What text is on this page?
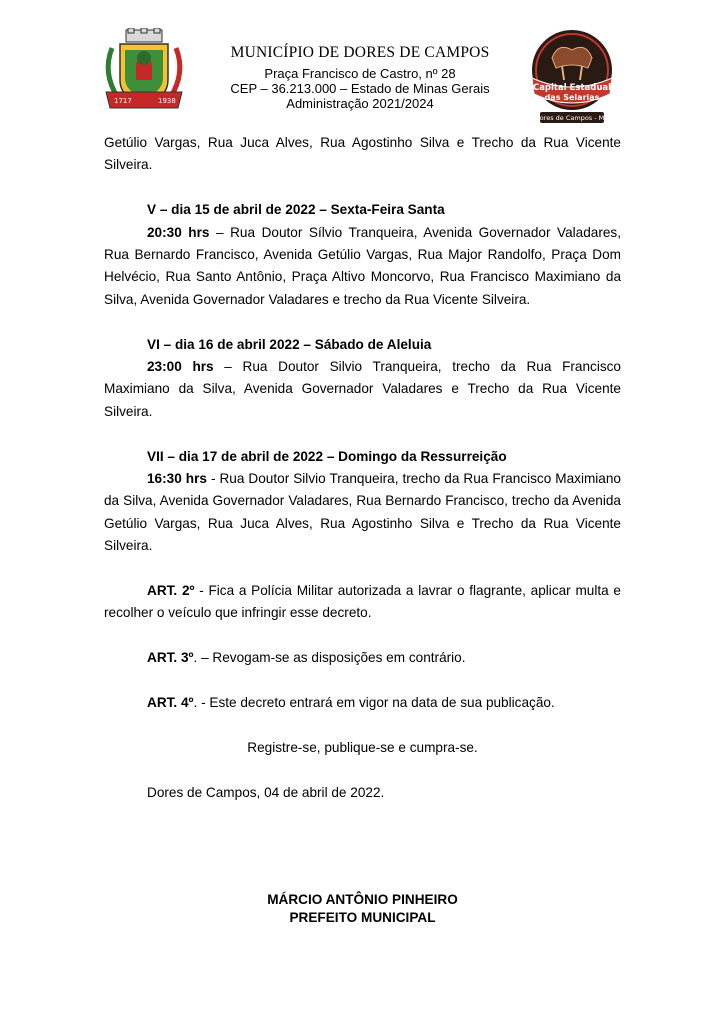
1717	1938
MUNICÍPIO DE DORES DE CAMPOS
Praça Francisco de Castro, nº 28
CEP – 36.213.000 – Estado de Minas Gerais
Administração 2021/2024
Capital Estadual
das Selarias
Dores de Campos - MG

Getúlio Vargas, Rua Juca Alves, Rua Agostinho Silva e Trecho da Rua Vicente Silveira.

V – dia 15 de abril de 2022 – Sexta-Feira Santa

20:30 hrs – Rua Doutor Sílvio Tranqueira, Avenida Governador Valadares, Rua Bernardo Francisco, Avenida Getúlio Vargas, Rua Major Randolfo, Praça Dom Helvécio, Rua Santo Antônio, Praça Altivo Moncorvo, Rua Francisco Maximiano da Silva, Avenida Governador Valadares e trecho da Rua Vicente Silveira.

VI – dia 16 de abril 2022 – Sábado de Aleluia

23:00 hrs – Rua Doutor Silvio Tranqueira, trecho da Rua Francisco Maximiano da Silva, Avenida Governador Valadares e Trecho da Rua Vicente Silveira.

VII – dia 17 de abril de 2022 – Domingo da Ressurreição

16:30 hrs - Rua Doutor Silvio Tranqueira, trecho da Rua Francisco Maximiano da Silva, Avenida Governador Valadares, Rua Bernardo Francisco, trecho da Avenida Getúlio Vargas, Rua Juca Alves, Rua Agostinho Silva e Trecho da Rua Vicente Silveira.

ART. 2º - Fica a Polícia Militar autorizada a lavrar o flagrante, aplicar multa e recolher o veículo que infringir esse decreto.

ART. 3º. – Revogam-se as disposições em contrário.

ART. 4º. - Este decreto entrará em vigor na data de sua publicação.

Registre-se, publique-se e cumpra-se.

Dores de Campos, 04 de abril de 2022.

MÁRCIO ANTÔNIO PINHEIRO
PREFEITO MUNICIPAL
